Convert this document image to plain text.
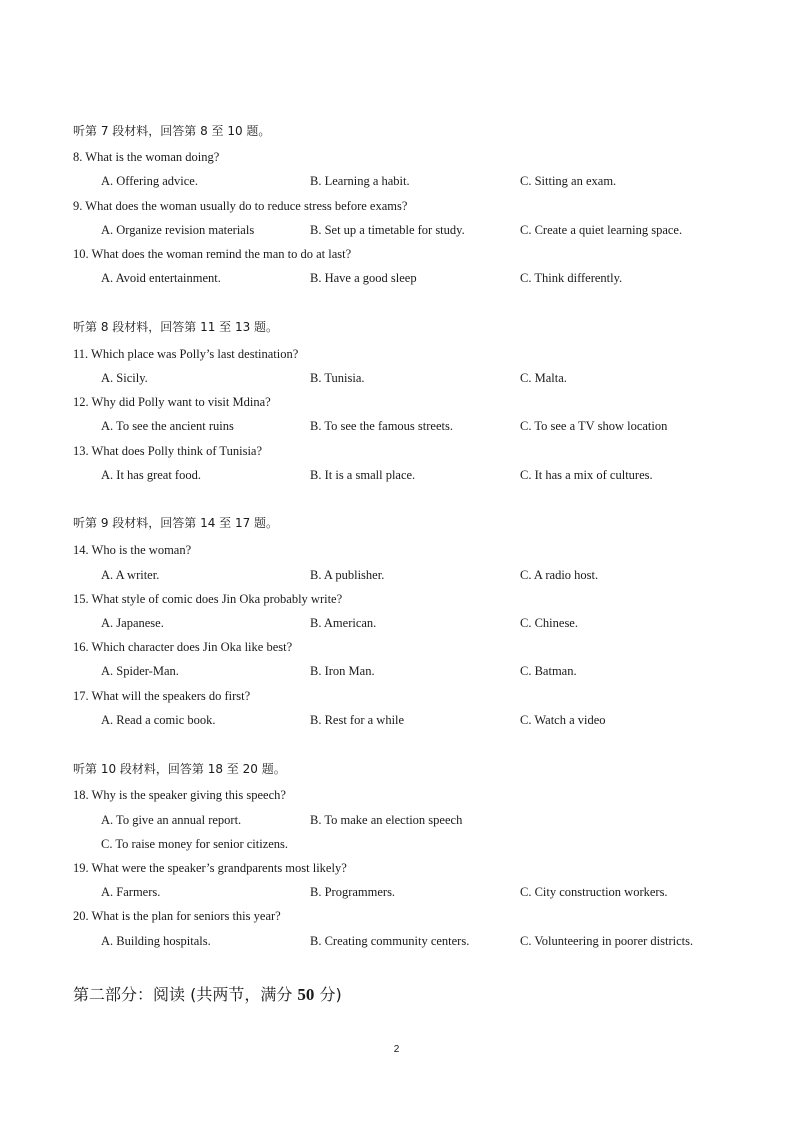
听第 7 段材料，回答第 8 至 10 题。
8. What is the woman doing?
A. Offering advice.	B. Learning a habit.	C. Sitting an exam.
9. What does the woman usually do to reduce stress before exams?
A. Organize revision materials	B. Set up a timetable for study.	C. Create a quiet learning space.
10. What does the woman remind the man to do at last?
A. Avoid entertainment.	B. Have a good sleep	C. Think differently.
听第 8 段材料，回答第 11 至 13 题。
11. Which place was Polly’s last destination?
A. Sicily.	B. Tunisia.	C. Malta.
12. Why did Polly want to visit Mdina?
A. To see the ancient ruins	B. To see the famous streets.	C. To see a TV show location
13. What does Polly think of Tunisia?
A. It has great food.	B. It is a small place.	C. It has a mix of cultures.
听第 9 段材料，回答第 14 至 17 题。
14. Who is the woman?
A. A writer.	B. A publisher.	C. A radio host.
15. What style of comic does Jin Oka probably write?
A. Japanese.	B. American.	C. Chinese.
16. Which character does Jin Oka like best?
A. Spider-Man.	B. Iron Man.	C. Batman.
17. What will the speakers do first?
A. Read a comic book.	B. Rest for a while	C. Watch a video
听第 10 段材料，回答第 18 至 20 题。
18. Why is the speaker giving this speech?
A. To give an annual report.	B. To make an election speech
C. To raise money for senior citizens.
19. What were the speaker’s grandparents most likely?
A. Farmers.	B. Programmers.	C. City construction workers.
20. What is the plan for seniors this year?
A. Building hospitals.	B. Creating community centers.	C. Volunteering in poorer districts.
第二部分：阅读 (共两节，满分 50 分)
2
